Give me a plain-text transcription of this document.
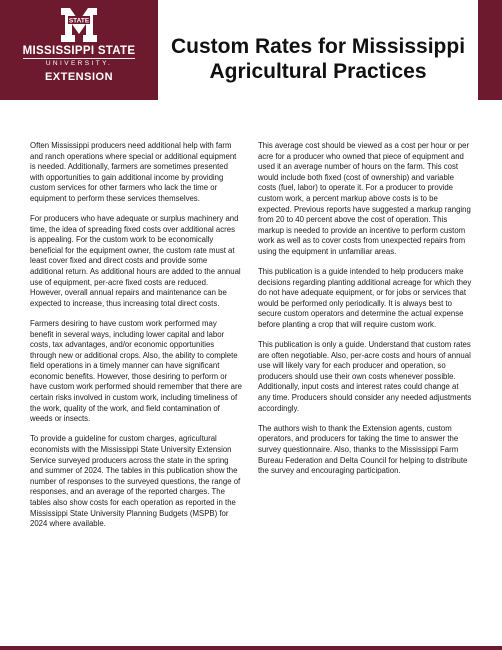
STATE
MISSISSIPPI STATE
UNIVERSITY.
EXTENSION
Custom Rates for Mississippi Agricultural Practices

Often Mississippi producers need additional help with farm and ranch operations where special or additional equipment is needed. Additionally, farmers are sometimes presented with opportunities to gain additional income by providing custom services for other farmers who lack the time or equipment to perform these services themselves.

For producers who have adequate or surplus machinery and time, the idea of spreading fixed costs over additional acres is appealing. For the custom work to be economically beneficial for the equipment owner, the custom rate must at least cover fixed and direct costs and provide some additional return. As additional hours are added to the annual use of equipment, per-acre fixed costs are reduced. However, overall annual repairs and maintenance can be expected to increase, thus increasing total direct costs.

Farmers desiring to have custom work performed may benefit in several ways, including lower capital and labor costs, tax advantages, and/or economic opportunities through new or additional crops. Also, the ability to complete field operations in a timely manner can have significant economic benefits. However, those desiring to perform or have custom work performed should remember that there are certain risks involved in custom work, including timeliness of the work, quality of the work, and field contamination of weeds or insects.

To provide a guideline for custom charges, agricultural economists with the Mississippi State University Extension Service surveyed producers across the state in the spring and summer of 2024. The tables in this publication show the number of responses to the surveyed questions, the range of responses, and an average of the reported charges. The tables also show costs for each operation as reported in the Mississippi State University Planning Budgets (MSPB) for 2024 where available.

This average cost should be viewed as a cost per hour or per acre for a producer who owned that piece of equipment and used it an average number of hours on the farm. This cost would include both fixed (cost of ownership) and variable costs (fuel, labor) to operate it. For a producer to provide custom work, a percent markup above costs is to be expected. Previous reports have suggested a markup ranging from 20 to 40 percent above the cost of operation. This markup is needed to provide an incentive to perform custom work as well as to cover costs from unexpected repairs from using the equipment in unfamiliar areas.

This publication is a guide intended to help producers make decisions regarding planting additional acreage for which they do not have adequate equipment, or for jobs or services that would be performed only periodically. It is always best to secure custom operators and determine the actual expense before planting a crop that will require custom work.

This publication is only a guide. Understand that custom rates are often negotiable. Also, per-acre costs and hours of annual use will likely vary for each producer and operation, so producers should use their own costs whenever possible. Additionally, input costs and interest rates could change at any time. Producers should consider any needed adjustments accordingly.

The authors wish to thank the Extension agents, custom operators, and producers for taking the time to answer the survey questionnaire. Also, thanks to the Mississippi Farm Bureau Federation and Delta Council for helping to distribute the survey and encouraging participation.
